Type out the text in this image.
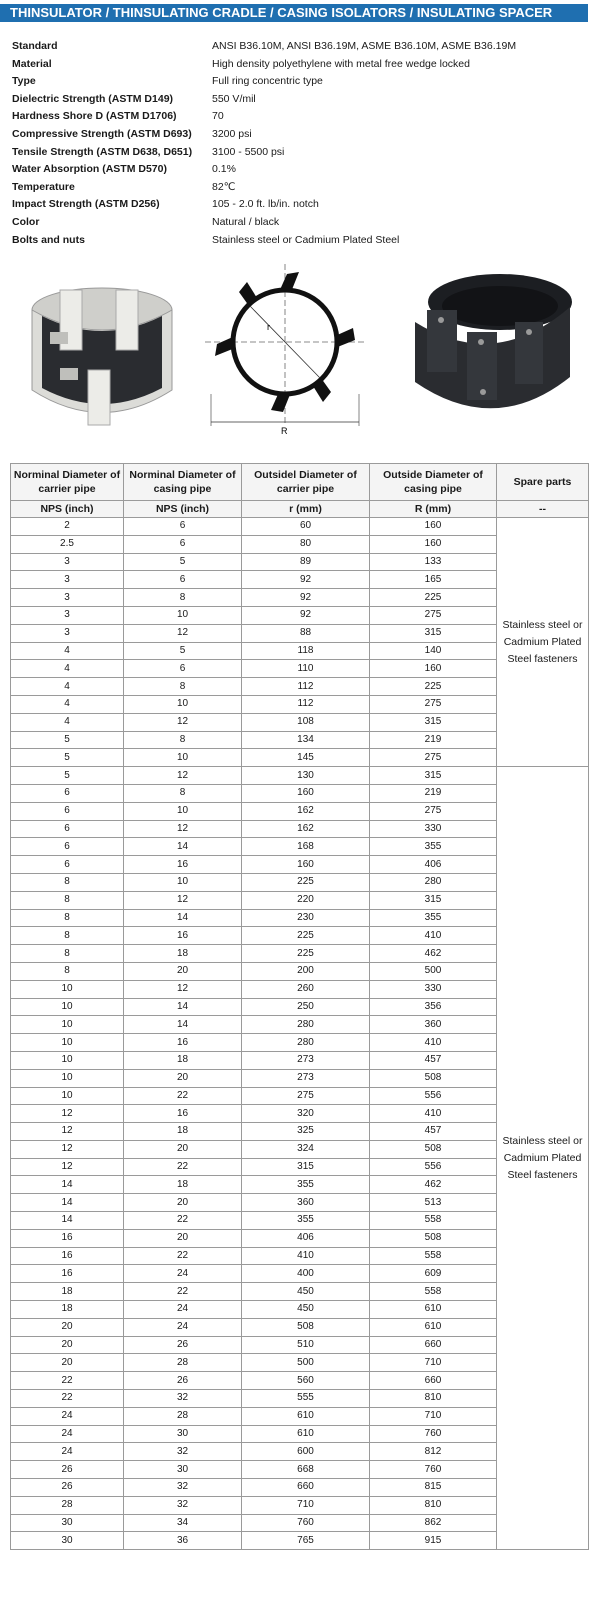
THINSULATOR / THINSULATING CRADLE / CASING ISOLATORS / INSULATING SPACER
Standard	ANSI B36.10M, ANSI B36.19M, ASME B36.10M, ASME B36.19M
Material	High density polyethylene with metal free wedge locked
Type	Full ring concentric type
Dielectric Strength (ASTM D149)	550 V/mil
Hardness Shore D (ASTM D1706)	70
Compressive Strength (ASTM D693)	3200 psi
Tensile Strength (ASTM D638, D651)	3100 - 5500 psi
Water Absorption (ASTM D570)	0.1%
Temperature	82℃
Impact Strength (ASTM D256)	105 - 2.0 ft. lb/in. notch
Color	Natural / black
Bolts and nuts	Stainless steel or Cadmium Plated Steel
r
R
Norminal Diameter of carrier pipe	Norminal Diameter of casing pipe	Outsidel Diameter of carrier pipe	Outside Diameter of casing pipe	Spare parts
NPS (inch)	NPS (inch)	r (mm)	R (mm)	--
2	6	60	160	Stainless steel or Cadmium Plated Steel fasteners
2.5	6	80	160	
3	5	89	133	
3	6	92	165	
3	8	92	225	
3	10	92	275	
3	12	88	315	
4	5	118	140	
4	6	110	160	
4	8	112	225	
4	10	112	275	
4	12	108	315	
5	8	134	219	
5	10	145	275	
5	12	130	315	Stainless steel or Cadmium Plated Steel fasteners
6	8	160	219	
6	10	162	275	
6	12	162	330	
6	14	168	355	
6	16	160	406	
8	10	225	280	
8	12	220	315	
8	14	230	355	
8	16	225	410	
8	18	225	462	
8	20	200	500	
10	12	260	330	
10	14	250	356	
10	14	280	360	
10	16	280	410	
10	18	273	457	
10	20	273	508	
10	22	275	556	
12	16	320	410	
12	18	325	457	
12	20	324	508	
12	22	315	556	
14	18	355	462	
14	20	360	513	
14	22	355	558	
16	20	406	508	
16	22	410	558	
16	24	400	609	
18	22	450	558	
18	24	450	610	
20	24	508	610	
20	26	510	660	
20	28	500	710	
22	26	560	660	
22	32	555	810	
24	28	610	710	
24	30	610	760	
24	32	600	812	
26	30	668	760	
26	32	660	815	
28	32	710	810	
30	34	760	862	
30	36	765	915	
